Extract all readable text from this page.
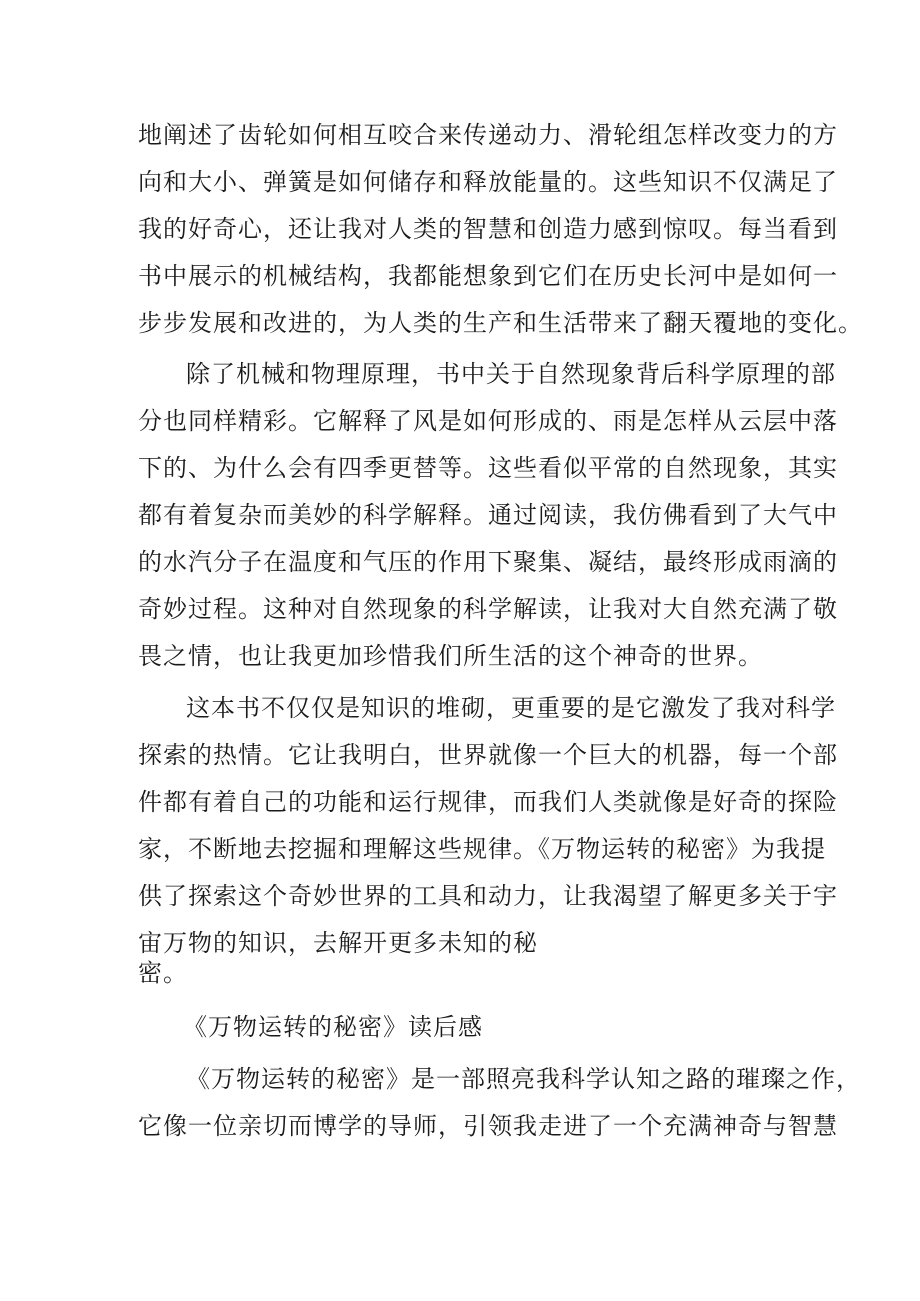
地阐述了齿轮如何相互咬合来传递动力、滑轮组怎样改变力的方
向和大小、弹簧是如何储存和释放能量的。这些知识不仅满足了
我的好奇心，还让我对人类的智慧和创造力感到惊叹。每当看到
书中展示的机械结构，我都能想象到它们在历史长河中是如何一
步步发展和改进的，为人类的生产和生活带来了翻天覆地的变化。
除了机械和物理原理，书中关于自然现象背后科学原理的部
分也同样精彩。它解释了风是如何形成的、雨是怎样从云层中落
下的、为什么会有四季更替等。这些看似平常的自然现象，其实
都有着复杂而美妙的科学解释。通过阅读，我仿佛看到了大气中
的水汽分子在温度和气压的作用下聚集、凝结，最终形成雨滴的
奇妙过程。这种对自然现象的科学解读，让我对大自然充满了敬
畏之情，也让我更加珍惜我们所生活的这个神奇的世界。
这本书不仅仅是知识的堆砌，更重要的是它激发了我对科学
探索的热情。它让我明白，世界就像一个巨大的机器，每一个部
件都有着自己的功能和运行规律，而我们人类就像是好奇的探险
家，不断地去挖掘和理解这些规律。《万物运转的秘密》为我提
供了探索这个奇妙世界的工具和动力，让我渴望了解更多关于宇
宙万物的知识，去解开更多未知的秘
密。
《万物运转的秘密》读后感
《万物运转的秘密》是一部照亮我科学认知之路的璀璨之作，
它像一位亲切而博学的导师，引领我走进了一个充满神奇与智慧
